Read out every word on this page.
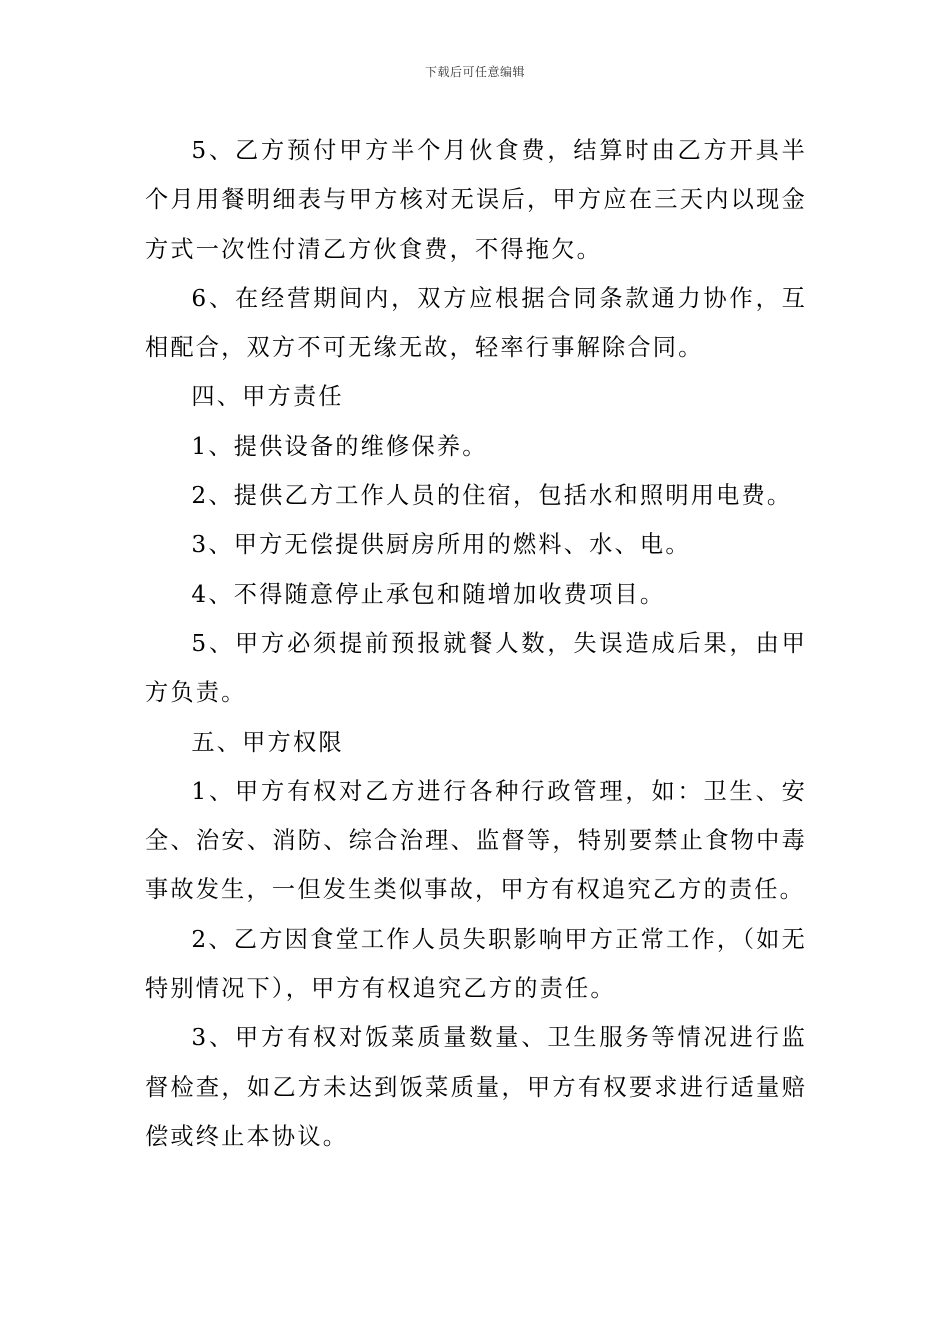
下载后可任意编辑

5、乙方预付甲方半个月伙食费，结算时由乙方开具半个月用餐明细表与甲方核对无误后，甲方应在三天内以现金方式一次性付清乙方伙食费，不得拖欠。

6、在经营期间内，双方应根据合同条款通力协作，互相配合，双方不可无缘无故，轻率行事解除合同。

四、甲方责任

1、提供设备的维修保养。

2、提供乙方工作人员的住宿，包括水和照明用电费。

3、甲方无偿提供厨房所用的燃料、水、电。

4、不得随意停止承包和随增加收费项目。

5、甲方必须提前预报就餐人数，失误造成后果，由甲方负责。

五、甲方权限

1、甲方有权对乙方进行各种行政管理，如：卫生、安全、治安、消防、综合治理、监督等，特别要禁止食物中毒事故发生，一但发生类似事故，甲方有权追究乙方的责任。

2、乙方因食堂工作人员失职影响甲方正常工作，（如无特别情况下），甲方有权追究乙方的责任。

3、甲方有权对饭菜质量数量、卫生服务等情况进行监督检查，如乙方未达到饭菜质量，甲方有权要求进行适量赔偿或终止本协议。
